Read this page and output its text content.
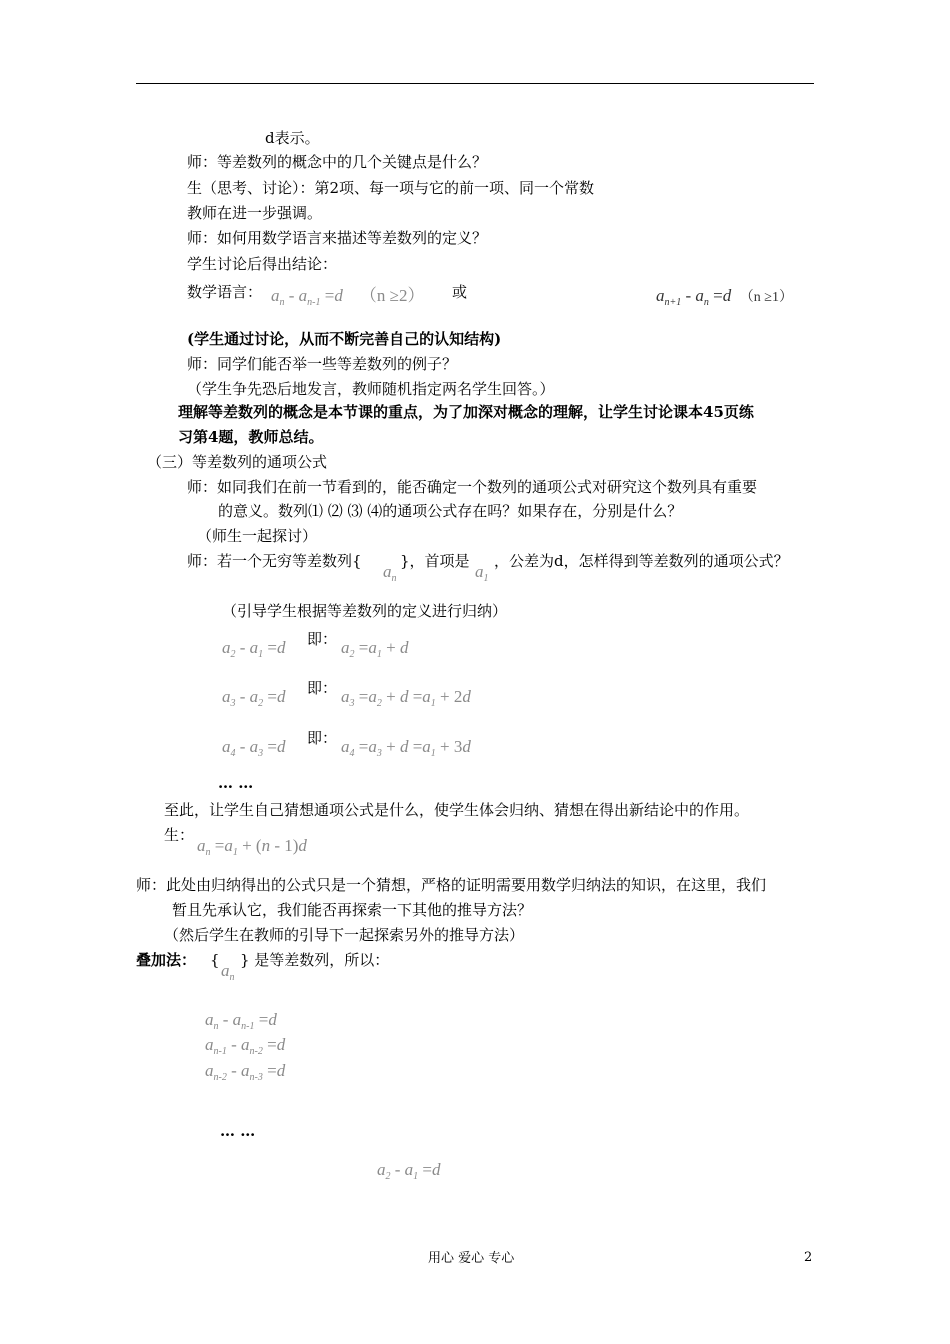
d表示。
师：等差数列的概念中的几个关键点是什么？
生（思考、讨论）：第2项、每一项与它的前一项、同一个常数
教师在进一步强调。
师：如何用数学语言来描述等差数列的定义？
学生讨论后得出结论：
数学语言： $a_n - a_{n-1} =d$    （n ≥2） 或	$a_{n+1} - a_n =d$  （n ≥1）
(学生通过讨论，从而不断完善自己的认知结构)
师：同学们能否举一些等差数列的例子？
（学生争先恐后地发言，教师随机指定两名学生回答。）
理解等差数列的概念是本节课的重点，为了加深对概念的理解，让学生讨论课本45页练
习第4题，教师总结。
（三）等差数列的通项公式
师：如同我们在前一节看到的，能否确定一个数列的通项公式对研究这个数列具有重要
的意义。数列⑴ ⑵ ⑶ ⑷的通项公式存在吗？如果存在，分别是什么？
（师生一起探讨）
师：若一个无穷等差数列{
$a_n$
}，首项是
$a_1$
，公差为d，怎样得到等差数列的通项公式？
（引导学生根据等差数列的定义进行归纳）
$a_2 - a_1 =d$ 即： $a_2 =a_1 + d$
$a_3 - a_2 =d$ 即： $a_3 =a_2 + d =a_1 + 2d$
$a_4 - a_3 =d$ 即： $a_4 =a_3 + d =a_1 + 3d$
… …
至此，让学生自己猜想通项公式是什么，使学生体会归纳、猜想在得出新结论中的作用。
生：
$a_n =a_1 + (n - 1)d$
师：此处由归纳得出的公式只是一个猜想，严格的证明需要用数学归纳法的知识，在这里，我们
暂且先承认它，我们能否再探索一下其他的推导方法？
（然后学生在教师的引导下一起探索另外的推导方法）
叠加法： {
$a_n$
} 是等差数列，所以：
$a_n - a_{n-1} =d$
$a_{n-1} - a_{n-2} =d$
$a_{n-2} - a_{n-3} =d$
… …
$a_2 - a_1 =d$
用心 爱心 专心	2
